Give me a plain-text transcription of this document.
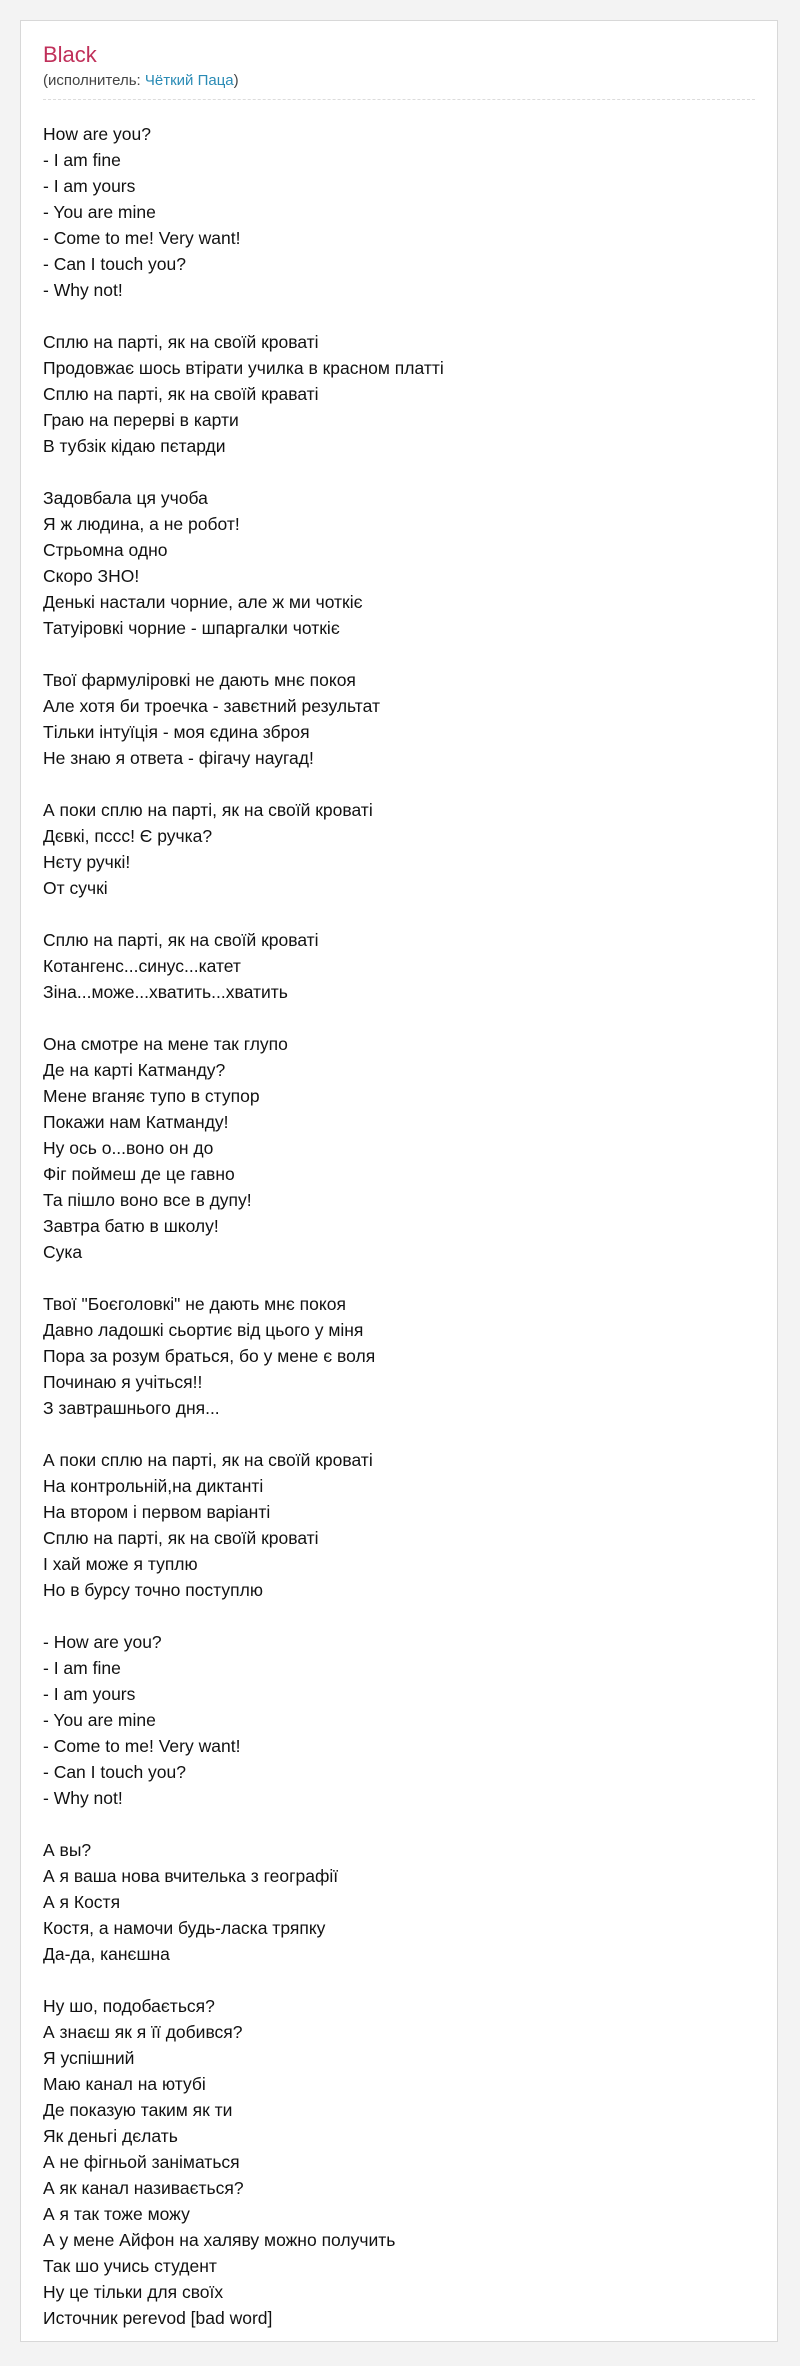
Black
(исполнитель: Чёткий Паца)
How are you?
- I am fine
- I am yours
- You are mine
- Come to me! Very want!
- Can I touch you?
- Why not!

Сплю на парті, як на своїй кроваті
Продовжає шось втірати училка в красном платті
Сплю на парті, як на своїй краваті
Граю на перерві в карти
В тубзік кідаю пєтарди

Задовбала ця учоба
Я ж людина, а не робот!
Стрьомна одно
Скоро ЗНО!
Денькі настали чорние, але ж ми чоткіє
Татуіровкі чорние - шпаргалки чоткіє

Твої фармуліровкі не дають мнє покоя
Але хотя би троечка - завєтний результат
Тільки інтуїція - моя єдина зброя
Не знаю я ответа - фігачу наугад!

А поки сплю на парті, як на своїй кроваті
Дєвкі, пссс! Є ручка?
Нєту ручкі!
От сучкі

Сплю на парті, як на своїй кроваті
Котангенс...синус...катет
Зіна...може...хватить...хватить

Она смотре на мене так глупо
Де на карті Катманду?
Мене вганяє тупо в ступор
Покажи нам Катманду!
Ну ось о...воно он до
Фіг поймеш де це гавно
Та пішло воно все в дупу!
Завтра батю в школу!
Сука

Твої "Боєголовкі" не дають мнє покоя
Давно ладошкі сьортиє від цього у міня
Пора за розум браться, бо у мене є воля
Починаю я учіться!!
З завтрашнього дня...

А поки сплю на парті, як на своїй кроваті
На контрольній,на диктанті
На втором і первом варіанті
Сплю на парті, як на своїй кроваті
І хай може я туплю
Но в бурсу точно поступлю

- How are you?
- I am fine
- I am yours
- You are mine
- Come to me! Very want!
- Can I touch you?
- Why not!

А вы?
А я ваша нова вчителька з географії
А я Костя
Костя, а намочи будь-ласка тряпку
Да-да, канєшна

Ну шо, подобається?
А знаєш як я її добився?
Я успішний
Маю канал на ютубі
Де показую таким як ти
Як деньгі дєлать
А не фігньой заніматься
А як канал називається?
А я так тоже можу
А у мене Айфон на халяву можно получить
Так шо учись студент
Ну це тільки для своїх
Источник perevod [bad word]
